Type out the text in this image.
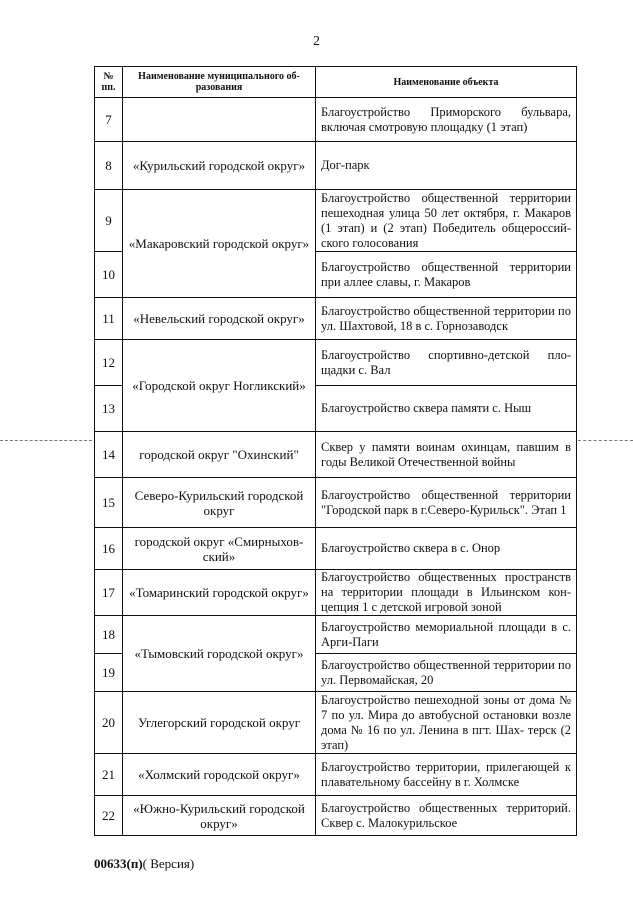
2
№ пп.	Наименование муниципального об- разования	Наименование объекта
7		Благоустройство Приморского бульвара, включая смотровую площадку (1 этап)
8	«Курильский городской округ»	Дог-парк
9	«Макаровский городской округ»	Благоустройство общественной территории пешеходная улица 50 лет октября, г. Макаров (1 этап) и (2 этап) Победитель общероссий- ского голосования
10		Благоустройство общественной территории при аллее славы, г. Макаров
11	«Невельский городской округ»	Благоустройство общественной территории по ул. Шахтовой, 18 в с. Горнозаводск
12	«Городской округ Ногликский»	Благоустройство спортивно-детской пло- щадки с. Вал
13		Благоустройство сквера памяти с. Ныш
14	городской округ "Охинский"	Сквер у памяти воинам охинцам, павшим в годы Великой Отечественной войны
15	Северо-Курильский городской округ	Благоустройство общественной территории "Городской парк в г.Северо-Курильск". Этап 1
16	городской округ «Смирныхов- ский»	Благоустройство сквера в с. Онор
17	«Томаринский городской округ»	Благоустройство общественных пространств на территории площади в Ильинском кон- цепция 1 с детской игровой зоной
18	«Тымовский городской округ»	Благоустройство мемориальной площади в с. Арги-Паги
19		Благоустройство общественной территории по ул. Первомайская, 20
20	Углегорский городской округ	Благоустройство пешеходной зоны от дома № 7 по ул. Мира до автобусной остановки возле дома № 16 по ул. Ленина в пгт. Шах- терск (2 этап)
21	«Холмский городской округ»	Благоустройство территории, прилегающей к плавательному бассейну в г. Холмске
22	«Южно-Курильский городской округ»	Благоустройство общественных территорий. Сквер с. Малокурильское
00633(п)( Версия)
